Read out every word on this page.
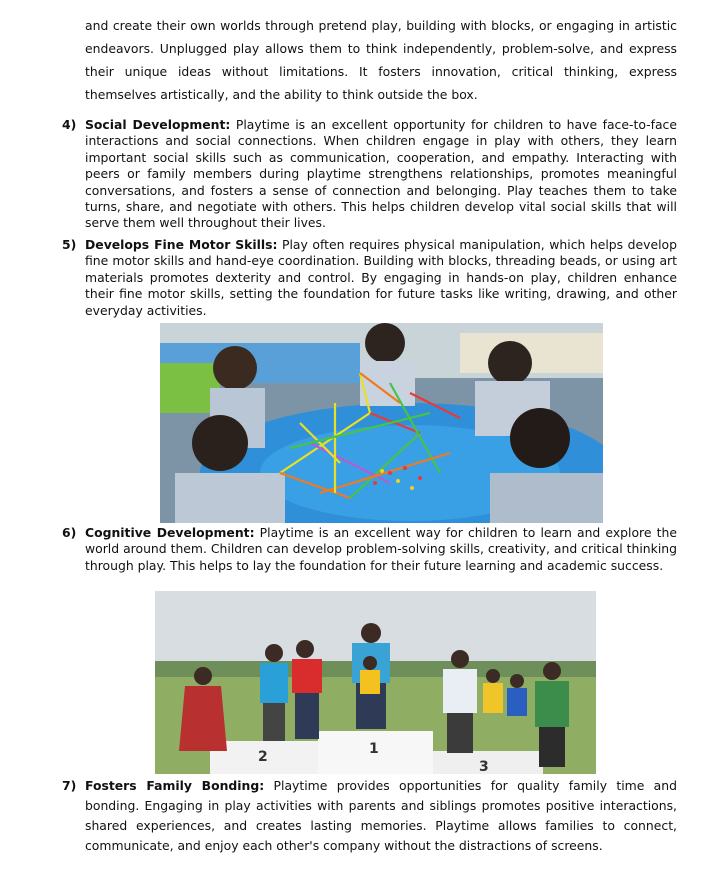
and create their own worlds through pretend play, building with blocks, or engaging in artistic endeavors. Unplugged play allows them to think independently, problem-solve, and express their unique ideas without limitations. It fosters innovation, critical thinking, express themselves artistically, and the ability to think outside the box.

4) Social Development: Playtime is an excellent opportunity for children to have face-to-face interactions and social connections. When children engage in play with others, they learn important social skills such as communication, cooperation, and empathy. Interacting with peers or family members during playtime strengthens relationships, promotes meaningful conversations, and fosters a sense of connection and belonging. Play teaches them to take turns, share, and negotiate with others. This helps children develop vital social skills that will serve them well throughout their lives.
5) Develops Fine Motor Skills: Play often requires physical manipulation, which helps develop fine motor skills and hand-eye coordination. Building with blocks, threading beads, or using art materials promotes dexterity and control. By engaging in hands-on play, children enhance their fine motor skills, setting the foundation for future tasks like writing, drawing, and other everyday activities.
6) Cognitive Development: Playtime is an excellent way for children to learn and explore the world around them. Children can develop problem-solving skills, creativity, and critical thinking through play. This helps to lay the foundation for their future learning and academic success.
2	1
3
7) Fosters Family Bonding: Playtime provides opportunities for quality family time and bonding. Engaging in play activities with parents and siblings promotes positive interactions, shared experiences, and creates lasting memories. Playtime allows families to connect, communicate, and enjoy each other's company without the distractions of screens.
